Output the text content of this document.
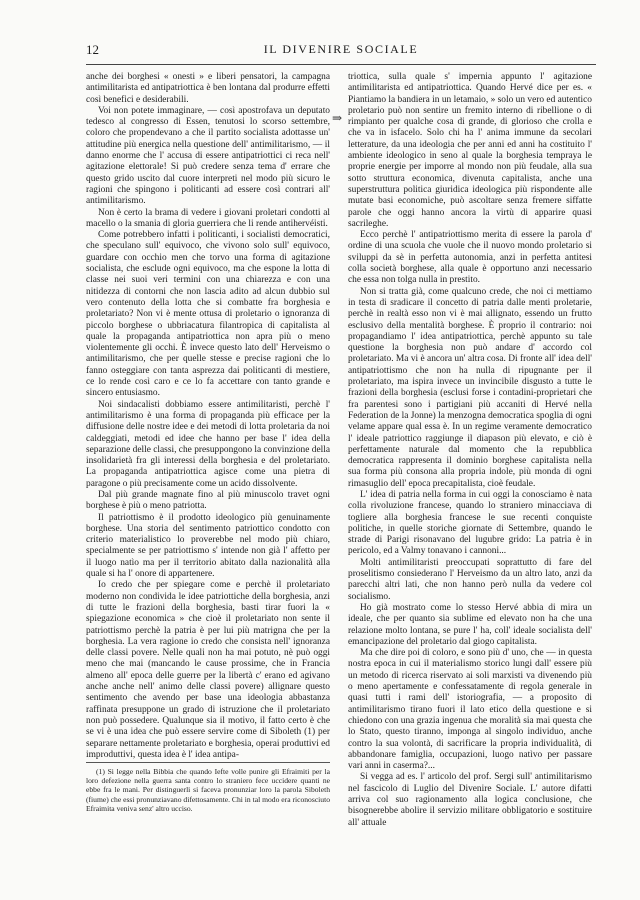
12	IL DIVENIRE SOCIALE
⇒

anche dei borghesi « onesti » e liberi pensatori, la campagna antimilitarista ed antipatriottica è ben lontana dal produrre effetti così benefici e desiderabili.

Voi non potete immaginare, — così apostrofava un deputato tedesco al congresso di Essen, tenutosi lo scorso settembre, coloro che propendevano a che il partito socialista adottasse un' attitudine più energica nella questione dell' antimilitarismo, — il danno enorme che l' accusa di essere antipatriottici ci reca nell' agitazione elettorale! Si può credere senza tema d' errare che questo grido uscito dal cuore interpreti nel modo più sicuro le ragioni che spingono i politicanti ad essere così contrari all' antimilitarismo.

Non è certo la brama di vedere i giovani proletari condotti al macello o la smania di gloria guerriera che li rende antihervéisti.

Come potrebbero infatti i politicanti, i socialisti democratici, che speculano sull' equivoco, che vivono solo sull' equivoco, guardare con occhio men che torvo una forma di agitazione socialista, che esclude ogni equivoco, ma che espone la lotta di classe nei suoi veri termini con una chiarezza e con una nitidezza di contorni che non lascia adito ad alcun dubbio sul vero contenuto della lotta che si combatte fra borghesia e proletariato? Non vi è mente ottusa di proletario o ignoranza di piccolo borghese o ubbriacatura filantropica di capitalista al quale la propaganda antipatriottica non apra più o meno violentemente gli occhi. È invece questo lato dell' Herveismo o antimilitarismo, che per quelle stesse e precise ragioni che lo fanno osteggiare con tanta asprezza dai politicanti di mestiere, ce lo rende così caro e ce lo fa accettare con tanto grande e sincero entusiasmo.

Noi sindacalisti dobbiamo essere antimilitaristi, perchè l' antimilitarismo è una forma di propaganda più efficace per la diffusione delle nostre idee e dei metodi di lotta proletaria da noi caldeggiati, metodi ed idee che hanno per base l' idea della separazione delle classi, che presuppongono la convinzione della insolidarietà fra gli interessi della borghesia e del proletariato. La propaganda antipatriottica agisce come una pietra di paragone o più precisamente come un acido dissolvente.

Dal più grande magnate fino al più minuscolo travet ogni borghese è più o meno patriotta.

Il patriottismo è il prodotto ideologico più genuinamente borghese. Una storia del sentimento patriottico condotto con criterio materialistico lo proverebbe nel modo più chiaro, specialmente se per patriottismo s' intende non già l' affetto per il luogo natìo ma per il territorio abitato dalla nazionalità alla quale si ha l' onore di appartenere.

Io credo che per spiegare come e perchè il proletariato moderno non condivida le idee patriottiche della borghesia, anzi di tutte le frazioni della borghesia, basti tirar fuori la « spiegazione economica » che cioè il proletariato non sente il patriottismo perchè la patria è per lui più matrigna che per la borghesia. La vera ragione io credo che consista nell' ignoranza delle classi povere. Nelle quali non ha mai potuto, nè può oggi meno che mai (mancando le cause prossime, che in Francia almeno all' epoca delle guerre per la libertà c' erano ed agivano anche anche nell' animo delle classi povere) allignare questo sentimento che avendo per base una ideologia abbastanza raffinata presuppone un grado di istruzione che il proletariato non può possedere. Qualunque sia il motivo, il fatto certo è che se vi è una idea che può essere servire come di Siboleth (1) per separare nettamente proletariato e borghesia, operai produttivi ed improduttivi, questa idea è l' idea antipa-

(1) Si legge nella Bibbia che quando Iefte volle punire gli Efraimiti per la loro defezione nella guerra santa contro lo straniero fece uccidere quanti ne ebbe fra le mani. Per distinguerli si faceva pronunziar loro la parola Siboleth (fiume) che essi pronunziavano difettosamente. Chi in tal modo era riconosciuto Efraimita veniva senz' altro ucciso.

triottica, sulla quale s' impernia appunto l' agitazione antimilitarista ed antipatriottica. Quando Hervé dice per es. « Piantiamo la bandiera in un letamaio, » solo un vero ed autentico proletario può non sentire un fremito interno di ribellione o di rimpianto per qualche cosa di grande, di glorioso che crolla e che va in isfacelo. Solo chi ha l' anima immune da secolari letterature, da una ideologia che per anni ed anni ha costituito l' ambiente ideologico in seno al quale la borghesia tempraya le proprie energie per imporre al mondo non più feudale, alla sua sotto struttura economica, divenuta capitalista, anche una superstruttura politica giuridica ideologica più rispondente alle mutate basi economiche, può ascoltare senza fremere siffatte parole che oggi hanno ancora la virtù di apparire quasi sacrileghe.

Ecco perchè l' antipatriottismo merita di essere la parola d' ordine di una scuola che vuole che il nuovo mondo proletario si sviluppi da sè in perfetta autonomia, anzi in perfetta antitesi colla società borghese, alla quale è opportuno anzi necessario che essa non tolga nulla in prestito.

Non si tratta già, come qualcuno crede, che noi ci mettiamo in testa di sradicare il concetto di patria dalle menti proletarie, perchè in realtà esso non vi è mai allignato, essendo un frutto esclusivo della mentalità borghese. È proprio il contrario: noi propagandiamo l' idea antipatriottica, perchè appunto su tale questione la borghesia non può andare d' accordo col proletariato. Ma vi è ancora un' altra cosa. Di fronte all' idea dell' antipatriottismo che non ha nulla di ripugnante per il proletariato, ma ispira invece un invincibile disgusto a tutte le frazioni della borghesia (esclusi forse i contadini-proprietari che fra parentesi sono i partigiani più accaniti di Hervé nella Federation de la Jonne) la menzogna democratica spoglia di ogni velame appare qual essa è. In un regime veramente democratico l' ideale patriottico raggiunge il diapason più elevato, e ciò è perfettamente naturale dal momento che la repubblica democratica rappresenta il dominio borghese capitalista nella sua forma più consona alla propria indole, più monda di ogni rimasuglio dell' epoca precapitalista, cioè feudale.

L' idea di patria nella forma in cui oggi la conosciamo è nata colla rivoluzione francese, quando lo straniero minacciava di togliere alla borghesia francese le sue recenti conquiste politiche, in quelle storiche giornate di Settembre, quando le strade di Parigi risonavano del lugubre grido: La patria è in pericolo, ed a Valmy tonavano i cannoni...

Molti antimilitaristi preoccupati soprattutto di fare del proselitismo consiederano l' Herveismo da un altro lato, anzi da parecchi altri lati, che non hanno però nulla da vedere col socialismo.

Ho già mostrato come lo stesso Hervé abbia di mira un ideale, che per quanto sia sublime ed elevato non ha che una relazione molto lontana, se pure l' ha, coll' ideale socialista dell' emancipazione del proletario dal giogo capitalista.

Ma che dire poi di coloro, e sono più d' uno, che — in questa nostra epoca in cui il materialismo storico lungi dall' essere più un metodo di ricerca riservato ai soli marxisti va divenendo più o meno apertamente e confessatamente di regola generale in quasi tutti i rami dell' istoriografia, — a proposito di antimilitarismo tirano fuori il lato etico della questione e si chiedono con una grazia ingenua che moralità sia mai questa che lo Stato, questo tiranno, imponga al singolo individuo, anche contro la sua volontà, di sacrificare la propria individualità, di abbandonare famiglia, occupazioni, luogo natìvo per passare vari anni in caserma?...

Si vegga ad es. l' articolo del prof. Sergi sull' antimilitarismo nel fascicolo di Luglio del Divenire Sociale. L' autore difatti arriva col suo ragionamento alla logica conclusione, che bisognerebbe abolire il servizio militare obbligatorio e sostituire all' attuale
